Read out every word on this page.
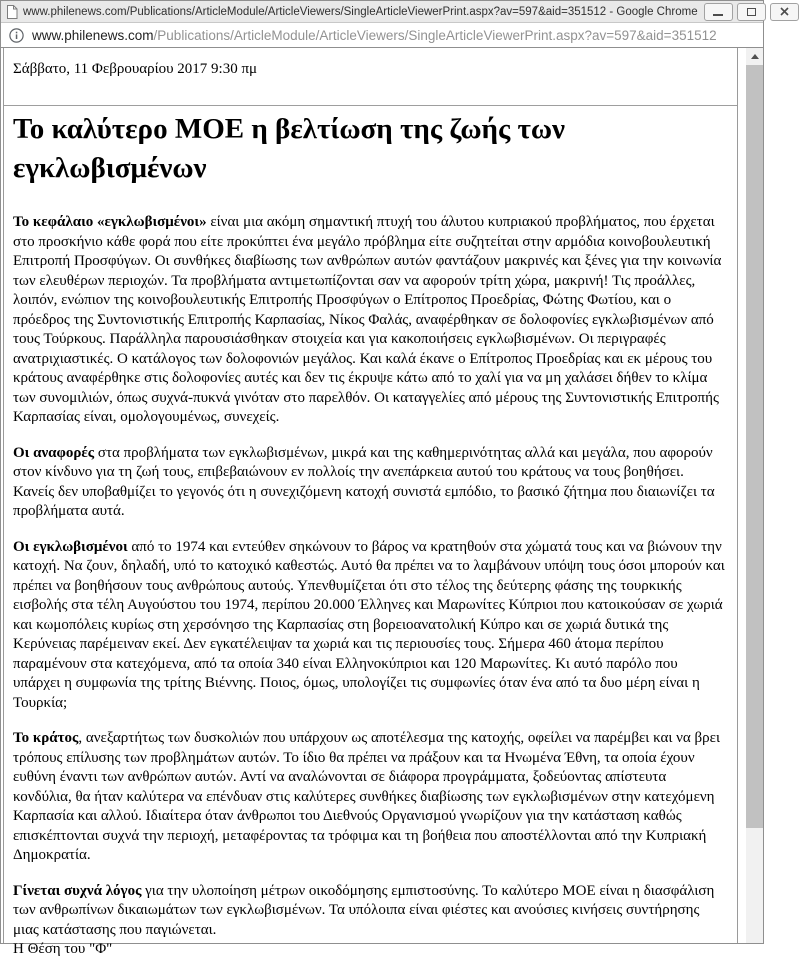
www.philenews.com/Publications/ArticleModule/ArticleViewers/SingleArticleViewerPrint.aspx?av=597&aid=351512 - Google Chrome
www.philenews.com/Publications/ArticleModule/ArticleViewers/SingleArticleViewerPrint.aspx?av=597&aid=351512
Σάββατο, 11 Φεβρουαρίου 2017 9:30 πμ
Το καλύτερο ΜΟΕ η βελτίωση της ζωής των εγκλωβισμένων

Το κεφάλαιο «εγκλωβισμένοι» είναι μια ακόμη σημαντική πτυχή του άλυτου κυπριακού προβλήματος, που έρχεται στο προσκήνιο κάθε φορά που είτε προκύπτει ένα μεγάλο πρόβλημα είτε συζητείται στην αρμόδια κοινοβουλευτική Επιτροπή Προσφύγων. Οι συνθήκες διαβίωσης των ανθρώπων αυτών φαντάζουν μακρινές και ξένες για την κοινωνία των ελευθέρων περιοχών. Τα προβλήματα αντιμετωπίζονται σαν να αφορούν τρίτη χώρα, μακρινή! Τις προάλλες, λοιπόν, ενώπιον της κοινοβουλευτικής Επιτροπής Προσφύγων ο Επίτροπος Προεδρίας, Φώτης Φωτίου, και ο πρόεδρος της Συντονιστικής Επιτροπής Καρπασίας, Νίκος Φαλάς, αναφέρθηκαν σε δολοφονίες εγκλωβισμένων από τους Τούρκους. Παράλληλα παρουσιάσθηκαν στοιχεία και για κακοποιήσεις εγκλωβισμένων. Οι περιγραφές ανατριχιαστικές. Ο κατάλογος των δολοφονιών μεγάλος. Και καλά έκανε ο Επίτροπος Προεδρίας και εκ μέρους του κράτους αναφέρθηκε στις δολοφονίες αυτές και δεν τις έκρυψε κάτω από το χαλί για να μη χαλάσει δήθεν το κλίμα των συνομιλιών, όπως συχνά-πυκνά γινόταν στο παρελθόν. Οι καταγγελίες από μέρους της Συντονιστικής Επιτροπής Καρπασίας είναι, ομολογουμένως, συνεχείς.

Οι αναφορές στα προβλήματα των εγκλωβισμένων, μικρά και της καθημερινότητας αλλά και μεγάλα, που αφορούν στον κίνδυνο για τη ζωή τους, επιβεβαιώνουν εν πολλοίς την ανεπάρκεια αυτού του κράτους να τους βοηθήσει. Κανείς δεν υποβαθμίζει το γεγονός ότι η συνεχιζόμενη κατοχή συνιστά εμπόδιο, το βασικό ζήτημα που διαιωνίζει τα προβλήματα αυτά.

Οι εγκλωβισμένοι από το 1974 και εντεύθεν σηκώνουν το βάρος να κρατηθούν στα χώματά τους και να βιώνουν την κατοχή. Να ζουν, δηλαδή, υπό το κατοχικό καθεστώς. Αυτό θα πρέπει να το λαμβάνουν υπόψη τους όσοι μπορούν και πρέπει να βοηθήσουν τους ανθρώπους αυτούς. Υπενθυμίζεται ότι στο τέλος της δεύτερης φάσης της τουρκικής εισβολής στα τέλη Αυγούστου του 1974, περίπου 20.000 Έλληνες και Μαρωνίτες Κύπριοι που κατοικούσαν σε χωριά και κωμοπόλεις κυρίως στη χερσόνησο της Καρπασίας στη βορειοανατολική Κύπρο και σε χωριά δυτικά της Κερύνειας παρέμειναν εκεί. Δεν εγκατέλειψαν τα χωριά και τις περιουσίες τους. Σήμερα 460 άτομα περίπου παραμένουν στα κατεχόμενα, από τα οποία 340 είναι Ελληνοκύπριοι και 120 Μαρωνίτες. Κι αυτό παρόλο που υπάρχει η συμφωνία της τρίτης Βιέννης. Ποιος, όμως, υπολογίζει τις συμφωνίες όταν ένα από τα δυο μέρη είναι η Τουρκία;

Το κράτος, ανεξαρτήτως των δυσκολιών που υπάρχουν ως αποτέλεσμα της κατοχής, οφείλει να παρέμβει και να βρει τρόπους επίλυσης των προβλημάτων αυτών. Το ίδιο θα πρέπει να πράξουν και τα Ηνωμένα Έθνη, τα οποία έχουν ευθύνη έναντι των ανθρώπων αυτών. Αντί να αναλώνονται σε διάφορα προγράμματα, ξοδεύοντας απίστευτα κονδύλια, θα ήταν καλύτερα να επένδυαν στις καλύτερες συνθήκες διαβίωσης των εγκλωβισμένων στην κατεχόμενη Καρπασία και αλλού. Ιδιαίτερα όταν άνθρωποι του Διεθνούς Οργανισμού γνωρίζουν για την κατάσταση καθώς επισκέπτονται συχνά την περιοχή, μεταφέροντας τα τρόφιμα και τη βοήθεια που αποστέλλονται από την Κυπριακή Δημοκρατία.

Γίνεται συχνά λόγος για την υλοποίηση μέτρων οικοδόμησης εμπιστοσύνης. Το καλύτερο ΜΟΕ είναι η διασφάλιση των ανθρωπίνων δικαιωμάτων των εγκλωβισμένων. Τα υπόλοιπα είναι φιέστες και ανούσιες κινήσεις συντήρησης μιας κατάστασης που παγιώνεται.

Η Θέση του "Φ"
